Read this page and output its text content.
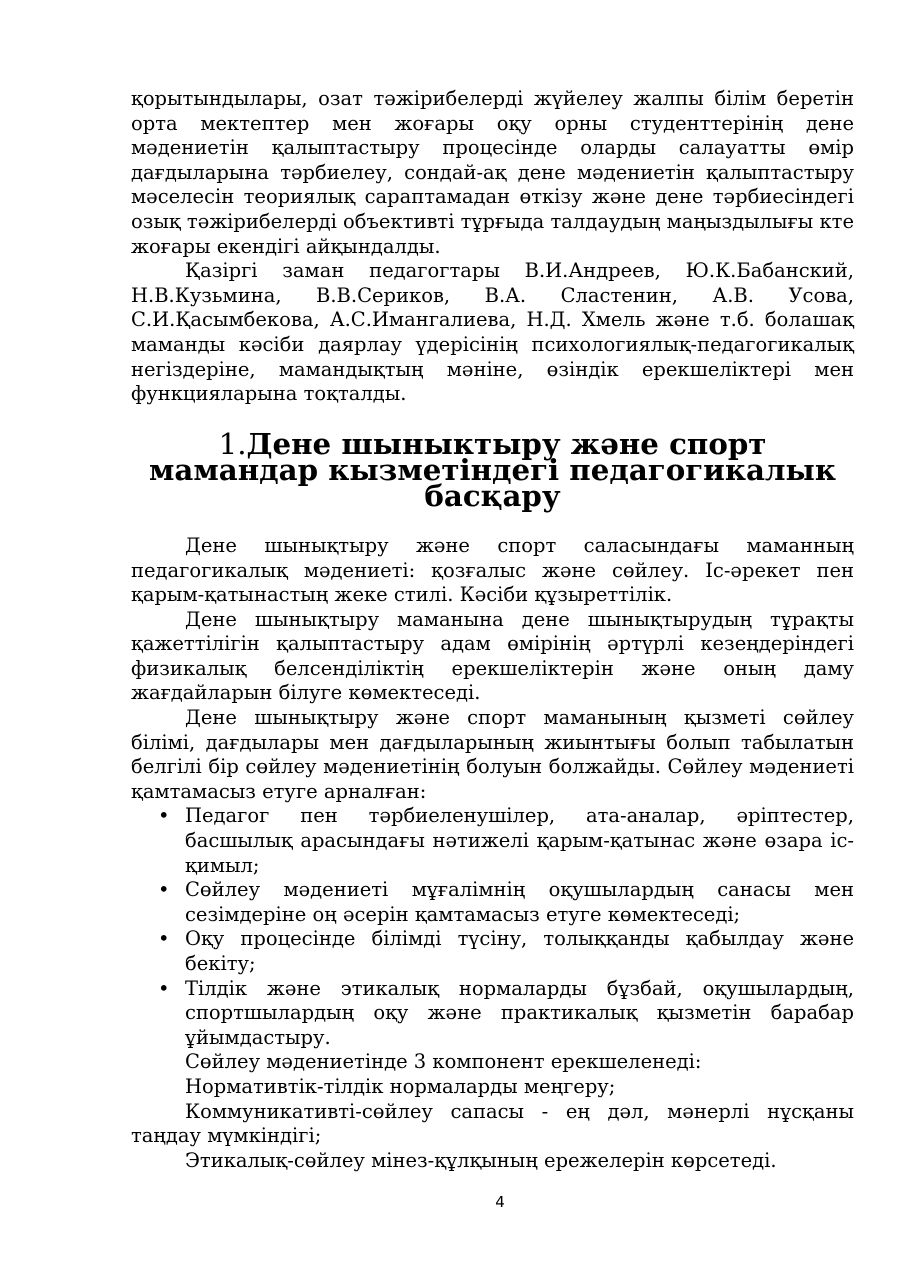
қорытындылары, озат тәжірибелерді жүйелеу жалпы білім беретін орта мектептер мен жоғары оқу орны студенттерінің дене мәдениетін қалыптастыру процесінде оларды салауатты өмір дағдыларына тәрбиелеу, сондай-ақ дене мәдениетін қалыптастыру мәселесін теориялық сараптамадан өткізу және дене тәрбиесіндегі озық тәжірибелерді объективті тұрғыда талдаудың маңыздылығы кте жоғары екендігі айқындалды.

Қазіргі заман педагогтары В.И.Андреев, Ю.К.Бабанский, Н.В.Кузьмина, В.В.Сериков, В.А. Сластенин, А.В. Усова, С.И.Қасымбекова, А.С.Имангалиева, Н.Д. Хмель және т.б. болашақ маманды кәсіби даярлау үдерісінің психологиялық-педагогикалық негіздеріне, мамандықтың мәніне, өзіндік ерекшеліктері мен функцияларына тоқталды.

1.Дене шыныктыру және спорт мамандар кызметіндегі педагогикалык басқару

Дене шынықтыру және спорт саласындағы маманның педагогикалық мәдениеті: қозғалыс және сөйлеу. Іс-әрекет пен қарым-қатынастың жеке стилі. Кәсіби құзыреттілік.

Дене шынықтыру маманына дене шынықтырудың тұрақты қажеттілігін қалыптастыру адам өмірінің әртүрлі кезеңдеріндегі физикалық белсенділіктің ерекшеліктерін және оның даму жағдайларын білуге көмектеседі.

Дене шынықтыру және спорт маманының қызметі сөйлеу білімі, дағдылары мен дағдыларының жиынтығы болып табылатын белгілі бір сөйлеу мәдениетінің болуын болжайды. Сөйлеу мәдениеті қамтамасыз етуге арналған:

• Педагог пен тәрбиеленушілер, ата-аналар, әріптестер, басшылық арасындағы нәтижелі қарым-қатынас және өзара іс-қимыл;
• Сөйлеу мәдениеті мұғалімнің оқушылардың санасы мен сезімдеріне оң әсерін қамтамасыз етуге көмектеседі;
• Оқу процесінде білімді түсіну, толыққанды қабылдау және бекіту;
• Тілдік және этикалық нормаларды бұзбай, оқушылардың, спортшылардың оқу және практикалық қызметін барабар ұйымдастыру.

Сөйлеу мәдениетінде 3 компонент ерекшеленеді:

Нормативтік-тілдік нормаларды меңгеру;

Коммуникативті-сөйлеу сапасы - ең дәл, мәнерлі нұсқаны таңдау мүмкіндігі;

Этикалық-сөйлеу мінез-құлқының ережелерін көрсетеді.

4
